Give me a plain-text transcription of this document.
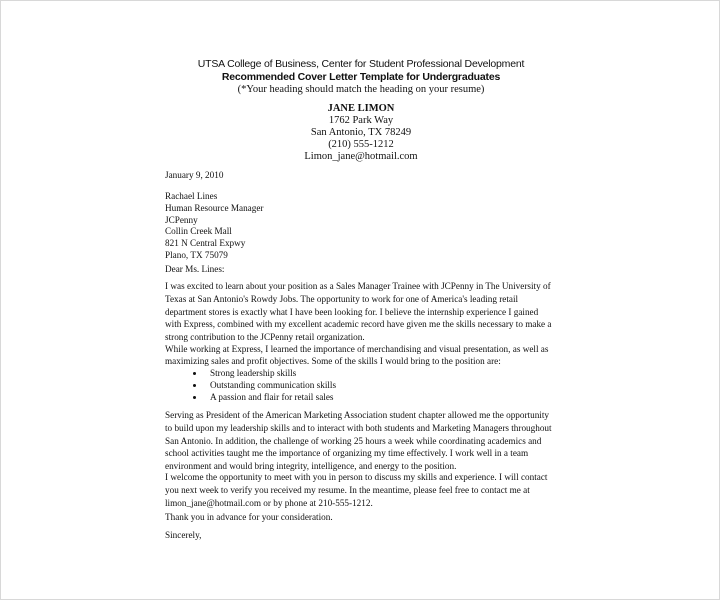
UTSA College of Business, Center for Student Professional Development
Recommended Cover Letter Template for Undergraduates
(*Your heading should match the heading on your resume)
JANE LIMON
1762 Park Way
San Antonio, TX 78249
(210) 555-1212
Limon_jane@hotmail.com
January 9, 2010
Rachael Lines
Human Resource Manager
JCPenny
Collin Creek Mall
821 N Central Expwy
Plano, TX 75079
Dear Ms. Lines:
I was excited to learn about your position as a Sales Manager Trainee with JCPenny in The University of
Texas at San Antonio's Rowdy Jobs. The opportunity to work for one of America's leading retail
department stores is exactly what I have been looking for. I believe the internship experience I gained
with Express, combined with my excellent academic record have given me the skills necessary to make a
strong contribution to the JCPenny retail organization.
While working at Express, I learned the importance of merchandising and visual presentation, as well as
maximizing sales and profit objectives. Some of the skills I would bring to the position are:
Strong leadership skills
Outstanding communication skills
A passion and flair for retail sales
Serving as President of the American Marketing Association student chapter allowed me the opportunity
to build upon my leadership skills and to interact with both students and Marketing Managers throughout
San Antonio. In addition, the challenge of working 25 hours a week while coordinating academics and
school activities taught me the importance of organizing my time effectively. I work well in a team
environment and would bring integrity, intelligence, and energy to the position.
I welcome the opportunity to meet with you in person to discuss my skills and experience. I will contact
you next week to verify you received my resume. In the meantime, please feel free to contact me at
limon_jane@hotmail.com or by phone at 210-555-1212.
Thank you in advance for your consideration.
Sincerely,
